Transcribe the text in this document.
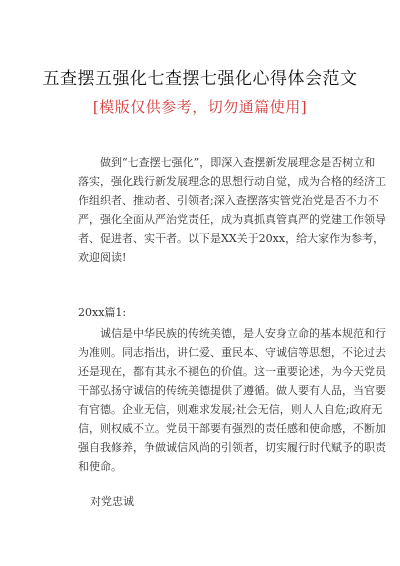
五查摆五强化七查摆七强化心得体会范文
[模版仅供参考，切勿通篇使用]
　　做到“七查摆七强化”，即深入查摆新发展理念是否树立和
落实，强化践行新发展理念的思想行动自觉，成为合格的经济工
作组织者、推动者、引领者;深入查摆落实管党治党是否不力不
严，强化全面从严治党责任，成为真抓真管真严的党建工作领导
者、促进者、实干者。以下是XX关于20xx，给大家作为参考，
欢迎阅读!
20xx篇1:
　　诚信是中华民族的传统美德，是人安身立命的基本规范和行
为准则。同志指出，讲仁爱、重民本、守诚信等思想，不论过去
还是现在，都有其永不褪色的价值。这一重要论述，为今天党员
干部弘扬守诚信的传统美德提供了遵循。做人要有人品，当官要
有官德。企业无信，则难求发展;社会无信，则人人自危;政府无
信，则权威不立。党员干部要有强烈的责任感和使命感，不断加
强自我修养，争做诚信风尚的引领者，切实履行时代赋予的职责
和使命。
对党忠诚
